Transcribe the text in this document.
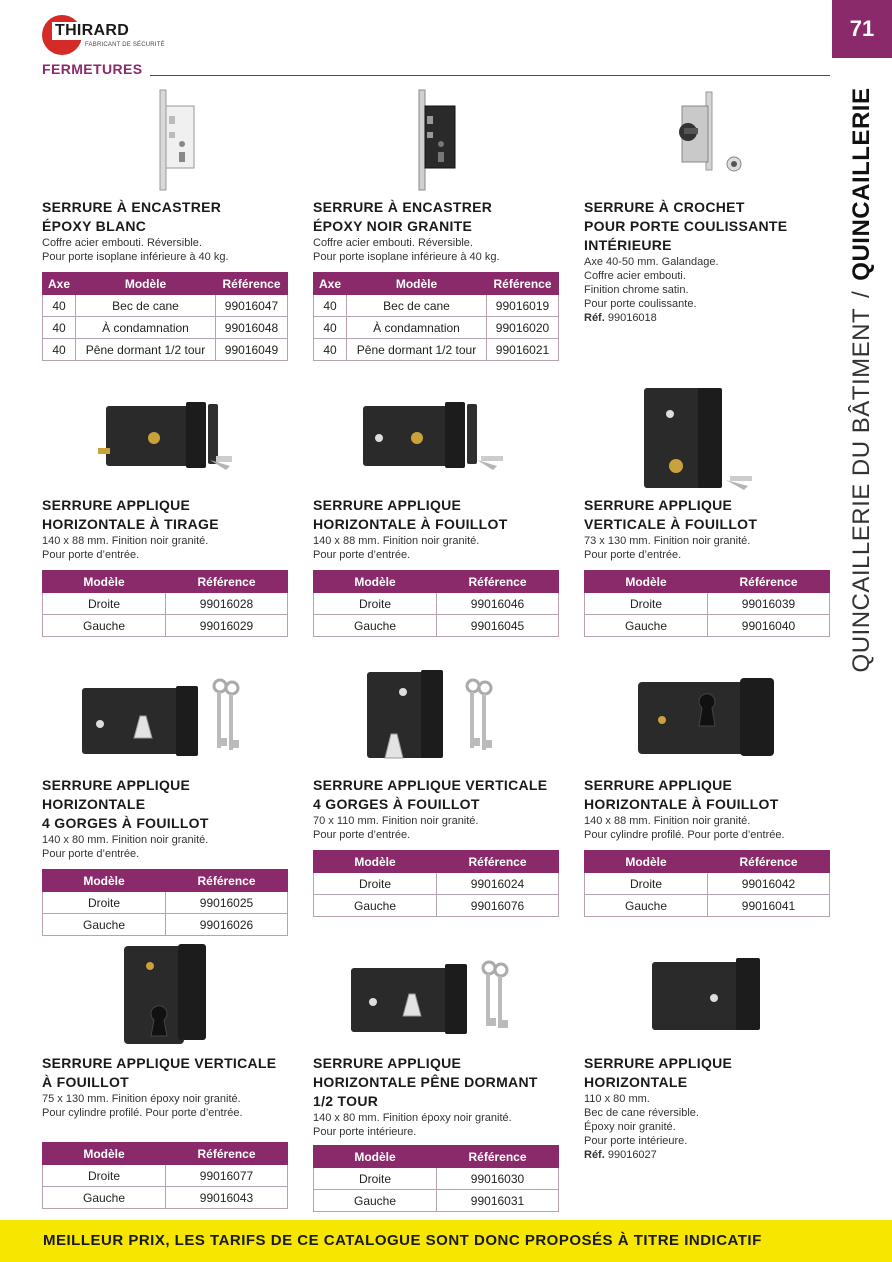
THIRARD
FABRICANT DE SÉCURITÉ
FERMETURES
71
QUINCAILLERIE DU BÂTIMENT/QUINCAILLERIE
SERRURE À ENCASTRER
ÉPOXY BLANC
Coffre acier embouti. Réversible.
Pour porte isoplane inférieure à 40 kg.
Axe	Modèle	Référence
40	Bec de cane	99016047
40	À condamnation	99016048
40	Pêne dormant 1/2 tour	99016049
SERRURE À ENCASTRER
ÉPOXY NOIR GRANITE
Coffre acier embouti. Réversible.
Pour porte isoplane inférieure à 40 kg.
Axe	Modèle	Référence
40	Bec de cane	99016019
40	À condamnation	99016020
40	Pêne dormant 1/2 tour	99016021
SERRURE À CROCHET
POUR PORTE COULISSANTE
INTÉRIEURE
Axe 40-50 mm. Galandage.
Coffre acier embouti.
Finition chrome satin.
Pour porte coulissante.
Réf. 99016018
SERRURE APPLIQUE
HORIZONTALE À TIRAGE
140 x 88 mm. Finition noir granité.
Pour porte d’entrée.
Modèle	Référence
Droite	99016028
Gauche	99016029
SERRURE APPLIQUE
HORIZONTALE À FOUILLOT
140 x 88 mm. Finition noir granité.
Pour porte d’entrée.
Modèle	Référence
Droite	99016046
Gauche	99016045
SERRURE APPLIQUE
VERTICALE À FOUILLOT
73 x 130 mm. Finition noir granité.
Pour porte d’entrée.
Modèle	Référence
Droite	99016039
Gauche	99016040
SERRURE APPLIQUE HORIZONTALE
4 GORGES À FOUILLOT
140 x 80 mm. Finition noir granité.
Pour porte d’entrée.
Modèle	Référence
Droite	99016025
Gauche	99016026
SERRURE APPLIQUE VERTICALE
4 GORGES À FOUILLOT
70 x 110 mm. Finition noir granité.
Pour porte d’entrée.
Modèle	Référence
Droite	99016024
Gauche	99016076
SERRURE APPLIQUE
HORIZONTALE À FOUILLOT
140 x 88 mm. Finition noir granité.
Pour cylindre profilé. Pour porte d’entrée.
Modèle	Référence
Droite	99016042
Gauche	99016041
SERRURE APPLIQUE VERTICALE
À FOUILLOT
75 x 130 mm. Finition époxy noir granité.
Pour cylindre profilé. Pour porte d’entrée.
Modèle	Référence
Droite	99016077
Gauche	99016043
SERRURE APPLIQUE
HORIZONTALE PÊNE DORMANT
1/2 TOUR
140 x 80 mm. Finition époxy noir granité.
Pour porte intérieure.
Modèle	Référence
Droite	99016030
Gauche	99016031
SERRURE APPLIQUE
HORIZONTALE
110 x 80 mm.
Bec de cane réversible.
Époxy noir granité.
Pour porte intérieure.
Réf. 99016027
MEILLEUR PRIX, LES TARIFS DE CE CATALOGUE SONT DONC PROPOSÉS À TITRE INDICATIF
